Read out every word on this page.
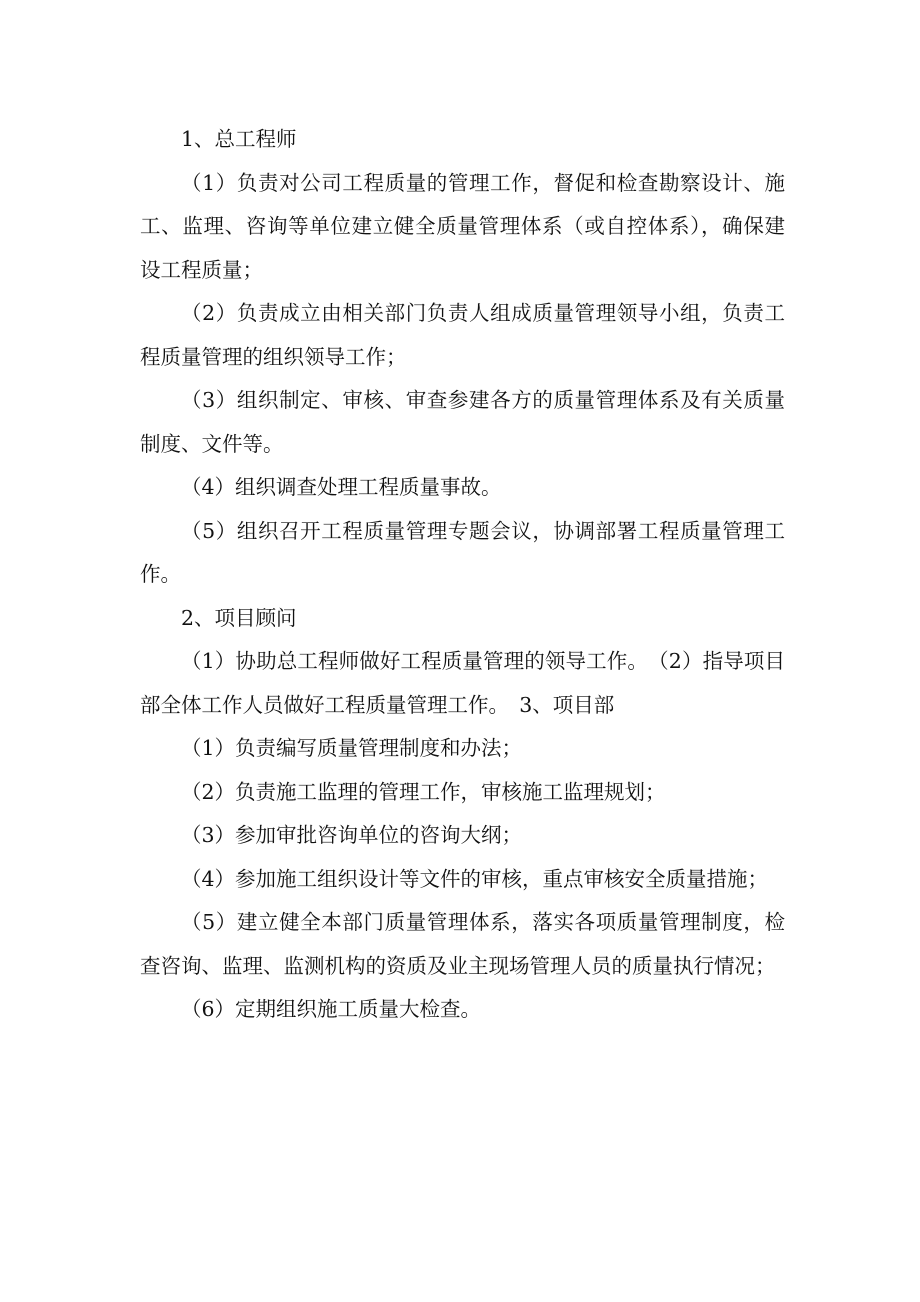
1、总工程师

（1）负责对公司工程质量的管理工作，督促和检查勘察设计、施工、监理、咨询等单位建立健全质量管理体系（或自控体系），确保建设工程质量；

（2）负责成立由相关部门负责人组成质量管理领导小组，负责工程质量管理的组织领导工作；

（3）组织制定、审核、审查参建各方的质量管理体系及有关质量制度、文件等。

（4）组织调查处理工程质量事故。

（5）组织召开工程质量管理专题会议，协调部署工程质量管理工作。

2、项目顾问

（1）协助总工程师做好工程质量管理的领导工作。　（2）指导项目部全体工作人员做好工程质量管理工作。　3、项目部

（1）负责编写质量管理制度和办法；

（2）负责施工监理的管理工作，审核施工监理规划；

（3）参加审批咨询单位的咨询大纲；

（4）参加施工组织设计等文件的审核，重点审核安全质量措施；

（5）建立健全本部门质量管理体系，落实各项质量管理制度，检查咨询、监理、监测机构的资质及业主现场管理人员的质量执行情况；

（6）定期组织施工质量大检查。
